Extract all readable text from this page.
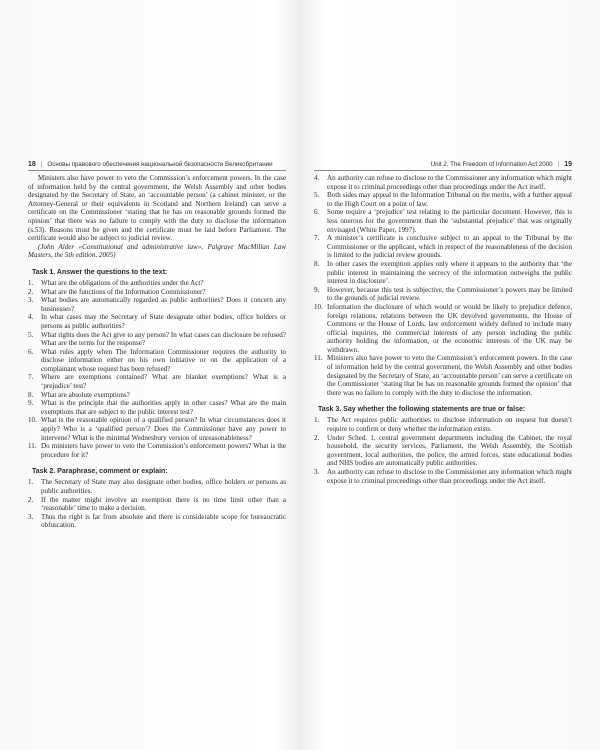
18 | Основы правового обеспечения национальной безопасности Великобритании

Ministers also have power to veto the Commission’s enforcement powers. In the case of information held by the central government, the Welsh Assembly and other bodies designated by the Secretary of State, an ‘accountable person’ (a cabinet minister, or the Attorney-General or their equivalents in Scotland and Northern Ireland) can serve a certificate on the Commissioner ‘stating that he has on reasonable grounds formed the opinion’ that there was no failure to comply with the duty to disclose the information (s.53). Reasons must be given and the certificate must be laid before Parliament. The certificate would also be subject to judicial review.

(John Alder «Constitutional and administrative law», Palgrave MacMillan Law Masters, the 5th edition, 2005)

Task 1. Answer the questions to the text:
1.	What are the obligations of the authorities under the Act?
2.	What are the functions of the Information Commissioner?
3.	What bodies are automatically regarded as public authorities? Does it concern any businesses?
4.	In what cases may the Secretary of State designate other bodies, office holders or persons as public authorities?
5.	What rights does the Act give to any person? In what cases can disclosure be refused? What are the terms for the response?
6.	What rules apply when The Information Commissioner requires the authority to disclose information either on his own initiative or on the application of a complainant whose request has been refused?
7.	Where are exemptions contained? What are blanket exemptions? What is a ‘prejudice’ test?
8.	What are absolute exemptions?
9.	What is the principle that the authorities apply in other cases? What are the main exemptions that are subject to the public interest test?
10. What is the reasonable opinion of a qualified person? In what circumstances does it apply? Who is a ‘qualified person’? Does the Commissioner have any power to intervene? What is the minimal Wednesbury version of unreasonableness?
11. Do ministers have power to veto the Commission’s enforcement powers? What is the procedure for it?
Task 2. Paraphrase, comment or explain:
1.	The Secretary of State may also designate other bodies, office holders or persons as public authorities.
2.	If the matter might involve an exemption there is no time limit other than a ‘reasonable’ time to make a decision.
3.	Thus the right is far from absolute and there is considerable scope for bureaucratic obfuscation.
Unit 2. The Freedom of Information Act 2000 | 19
4.	An authority can refuse to disclose to the Commissioner any information which might expose it to criminal proceedings other than proceedings under the Act itself.
5.	Both sides may appeal to the Information Tribunal on the merits, with a further appeal to the High Court on a point of law.
6.	Some require a ‘prejudice’ test relating to the particular document. However, this is less onerous for the government than the ‘substantial prejudice’ that was originally envisaged (White Paper, 1997).
7.	A minister’s certificate is conclusive subject to an appeal to the Tribunal by the Commissioner or the applicant, which in respect of the reasonableness of the decision is limited to the judicial review grounds.
8.	In other cases the exemption applies only where it appears to the authority that ‘the public interest in maintaining the secrecy of the information outweighs the public interest in disclosure’.
9.	However, because this test is subjective, the Commissioner’s powers may be limited to the grounds of judicial review.
10. Information the disclosure of which would or would be likely to prejudice defence, foreign relations, relations between the UK devolved governments, the House of Commons or the House of Lords, law enforcement widely defined to include many official inquiries, the commercial interests of any person including the public authority holding the information, or the economic interests of the UK may be withdrawn.
11. Ministers also have power to veto the Commission’s enforcement powers. In the case of information held by the central government, the Welsh Assembly and other bodies designated by the Secretary of State, an ‘accountable person’ can serve a certificate on the Commissioner ‘stating that he has on reasonable grounds formed the opinion’ that there was no failure to comply with the duty to disclose the information.
Task 3. Say whether the following statements are true or false:
1.	The Act requires public authorities to disclose information on request but doesn’t require to confirm or deny whether the information exists.
2.	Under Sched. 1, central government departments including the Cabinet, the royal household, the security services, Parliament, the Welsh Assembly, the Scottish government, local authorities, the police, the armed forces, state educational bodies and NHS bodies are automatically public authorities.
3.	An authority can refuse to disclose to the Commissioner any information which might expose it to criminal proceedings other than proceedings under the Act itself.
